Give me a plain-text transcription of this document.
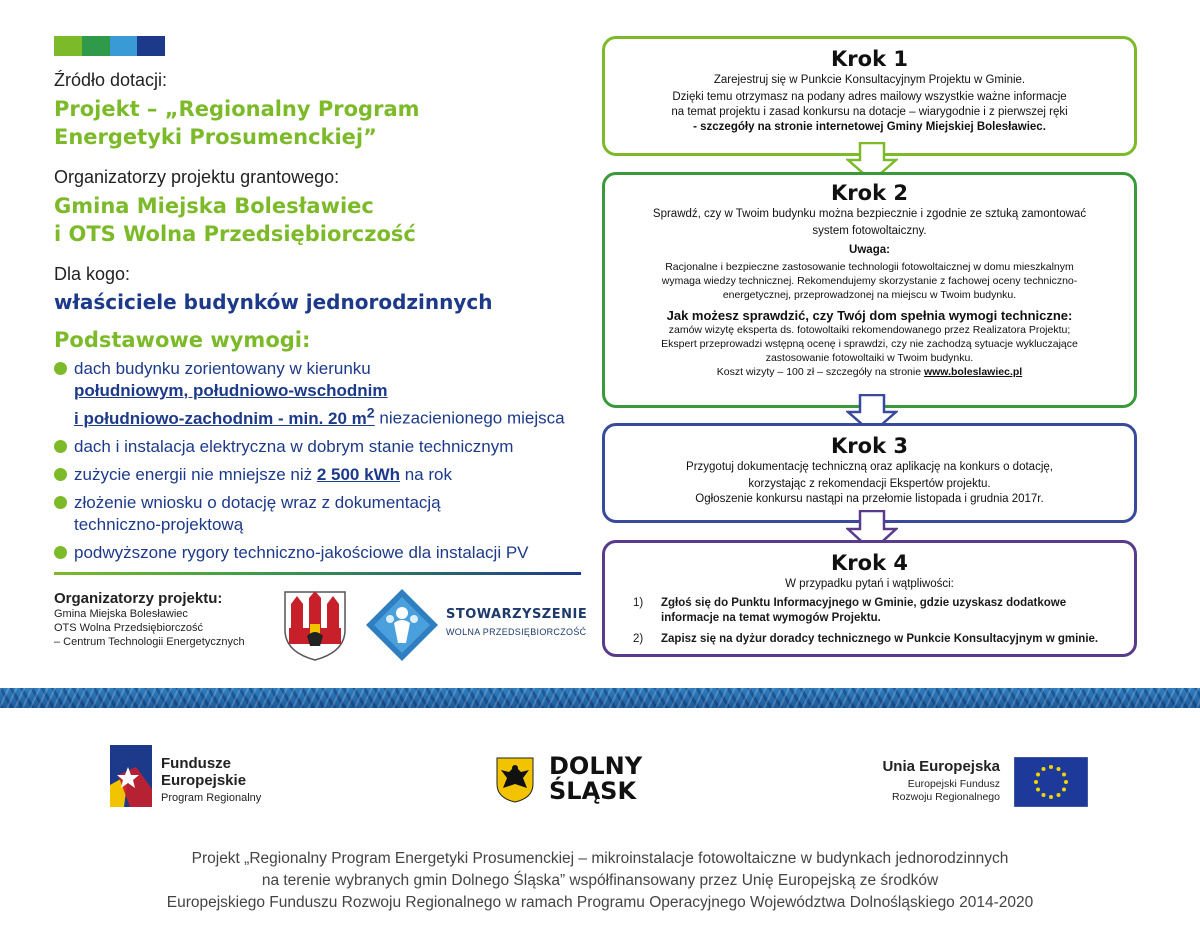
Źródło dotacji:
Projekt – „Regionalny Program
Energetyki Prosumenckiej”
Organizatorzy projektu grantowego:
Gmina Miejska Bolesławiec
i OTS Wolna Przedsiębiorczość
Dla kogo:
właściciele budynków jednorodzinnych
Podstawowe wymogi:
dach budynku zorientowany w kierunku
południowym, południowo-wschodnim
i południowo-zachodnim - min. 20 $m^2$ niezacienionego miejsca
dach i instalacja elektryczna w dobrym stanie technicznym
zużycie energii nie mniejsze niż 2 500 kWh na rok
złożenie wniosku o dotację wraz z dokumentacją
techniczno-projektową
podwyższone rygory techniczno-jakościowe dla instalacji PV
Organizatorzy projektu:
Gmina Miejska Bolesławiec
OTS Wolna Przedsiębiorczość
– Centrum Technologii Energetycznych
STOWARZYSZENIE
WOLNA PRZEDSIĘBIORCZOŚĆ
Krok 1

Zarejestruj się w Punkcie Konsultacyjnym Projektu w Gminie.

Dzięki temu otrzymasz na podany adres mailowy wszystkie ważne informacje

na temat projektu i zasad konkursu na dotacje – wiarygodnie i z pierwszej ręki

- szczegóły na stronie internetowej Gminy Miejskiej Bolesławiec.

Krok 2

Sprawdź, czy w Twoim budynku można bezpiecznie i zgodnie ze sztuką zamontować

system fotowoltaiczny.

Uwaga:

Racjonalne i bezpieczne zastosowanie technologii fotowoltaicznej w domu mieszkalnym

wymaga wiedzy technicznej. Rekomendujemy skorzystanie z fachowej oceny techniczno-

energetycznej, przeprowadzonej na miejscu w Twoim budynku.

Jak możesz sprawdzić, czy Twój dom spełnia wymogi techniczne:

zamów wizytę eksperta ds. fotowoltaiki rekomendowanego przez Realizatora Projektu;

Ekspert przeprowadzi wstępną ocenę i sprawdzi, czy nie zachodzą sytuacje wykluczające

zastosowanie fotowoltaiki w Twoim budynku.

Koszt wizyty – 100 zł – szczegóły na stronie www.boleslawiec.pl

Krok 3

Przygotuj dokumentację techniczną oraz aplikację na konkurs o dotację,

korzystając z rekomendacji Ekspertów projektu.

Ogłoszenie konkursu nastąpi na przełomie listopada i grudnia 2017r.

Krok 4

W przypadku pytań i wątpliwości:

1)	Zgłoś się do Punktu Informacyjnego w Gminie, gdzie uzyskasz dodatkowe informacje na temat wymogów Projektu.
2)	Zapisz się na dyżur doradcy technicznego w Punkcie Konsultacyjnym w gminie.
Fundusze
Europejskie
Program Regionalny
DOLNY
ŚLĄSK
Unia Europejska
Europejski Fundusz
Rozwoju Regionalnego
Projekt „Regionalny Program Energetyki Prosumenckiej – mikroinstalacje fotowoltaiczne w budynkach jednorodzinnych
na terenie wybranych gmin Dolnego Śląska” współfinansowany przez Unię Europejską ze środków
Europejskiego Funduszu Rozwoju Regionalnego w ramach Programu Operacyjnego Województwa Dolnośląskiego 2014-2020
